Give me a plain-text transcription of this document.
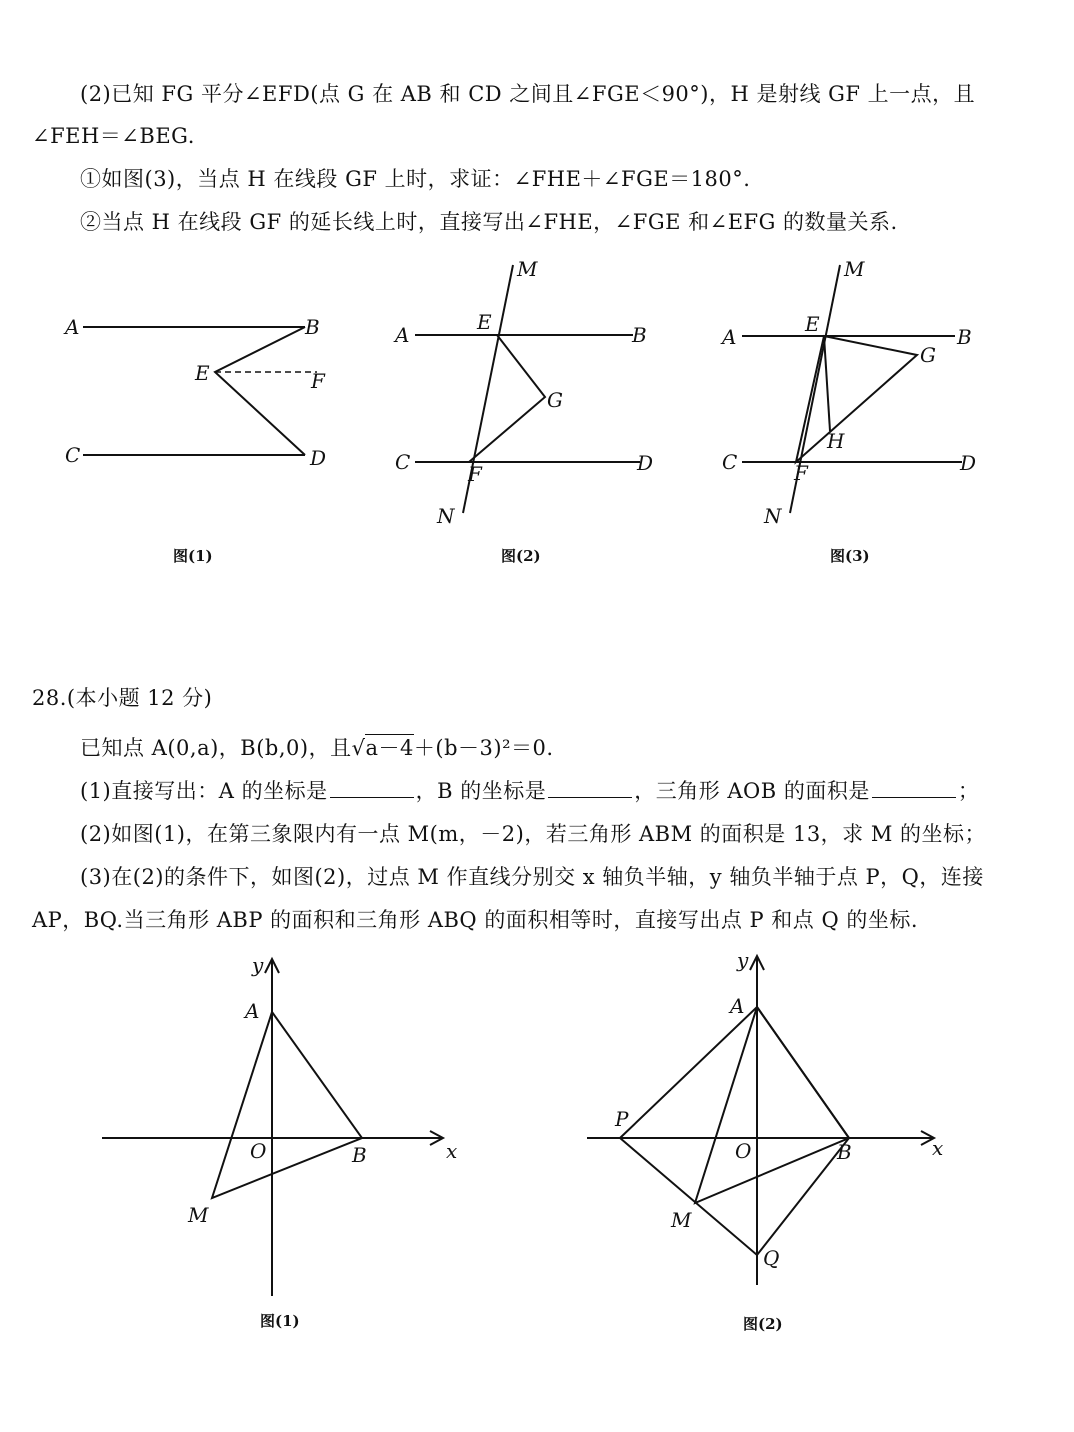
(2)已知 FG 平分∠EFD(点 G 在 AB 和 CD 之间且∠FGE＜90°)，H 是射线 GF 上一点，且
∠FEH＝∠BEG.
①如图(3)，当点 H 在线段 GF 上时，求证：∠FHE＋∠FGE＝180°.
②当点 H 在线段 GF 的延长线上时，直接写出∠FHE，∠FGE 和∠EFG 的数量关系.
A	B
E	F
C	D
图(1)
M
E
A	B
G
C	F	D
N
图(2)
M
E
A	B
G
H
C	F	D
N
图(3)
28.(本小题 12 分)
已知点 A(0,a)，B(b,0)，且√a－4＋(b－3)²＝0.
(1)直接写出：A 的坐标是	，B 的坐标是	，三角形 AOB 的面积是	；
(2)如图(1)，在第三象限内有一点 M(m，－2)，若三角形 ABM 的面积是 13，求 M 的坐标；
(3)在(2)的条件下，如图(2)，过点 M 作直线分别交 x 轴负半轴，y 轴负半轴于点 P，Q，连接
AP，BQ.当三角形 ABP 的面积和三角形 ABQ 的面积相等时，直接写出点 P 和点 Q 的坐标.
y
A
O	B	x
M
图(1)
y
A
P
O	B	x
M
Q
图(2)
